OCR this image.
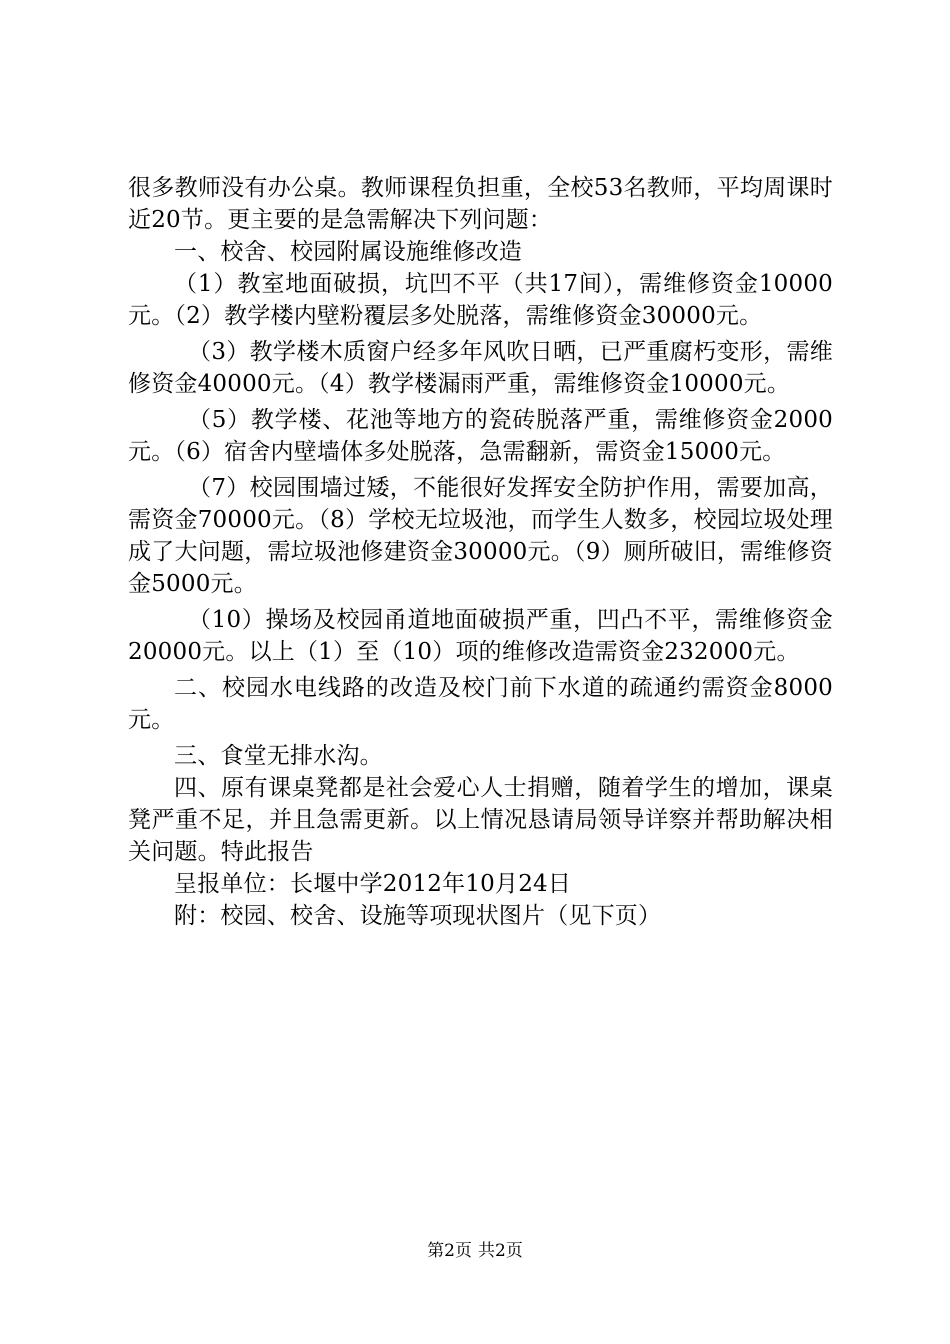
很多教师没有办公桌。教师课程负担重，全校53名教师，平均周课时近20节。更主要的是急需解决下列问题：

一、校舍、校园附属设施维修改造

（1）教室地面破损，坑凹不平（共17间），需维修资金10000元。（2）教学楼内壁粉覆层多处脱落，需维修资金30000元。

（3）教学楼木质窗户经多年风吹日晒，已严重腐朽变形，需维修资金40000元。（4）教学楼漏雨严重，需维修资金10000元。

（5）教学楼、花池等地方的瓷砖脱落严重，需维修资金2000元。（6）宿舍内壁墙体多处脱落，急需翻新，需资金15000元。

（7）校园围墙过矮，不能很好发挥安全防护作用，需要加高，需资金70000元。（8）学校无垃圾池，而学生人数多，校园垃圾处理成了大问题，需垃圾池修建资金30000元。（9）厕所破旧，需维修资金5000元。

（10）操场及校园甬道地面破损严重，凹凸不平，需维修资金20000元。以上（1）至（10）项的维修改造需资金232000元。

二、校园水电线路的改造及校门前下水道的疏通约需资金8000元。

三、食堂无排水沟。

四、原有课桌凳都是社会爱心人士捐赠，随着学生的增加，课桌凳严重不足，并且急需更新。以上情况恳请局领导详察并帮助解决相关问题。特此报告

呈报单位：长堰中学2012年10月24日

附：校园、校舍、设施等项现状图片（见下页）

第2页 共2页
